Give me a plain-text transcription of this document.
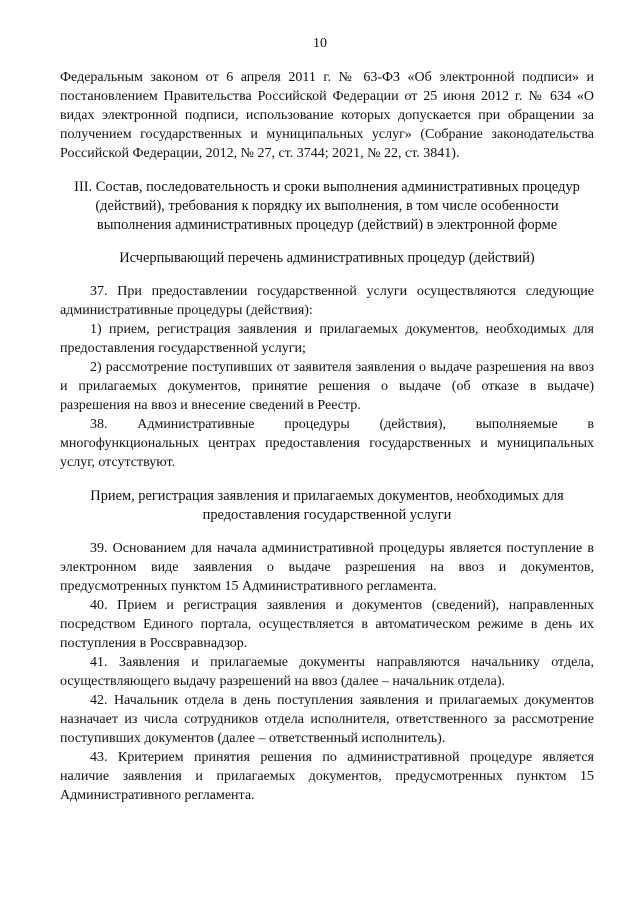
10

Федеральным законом от 6 апреля 2011 г. № 63-ФЗ «Об электронной подписи» и постановлением Правительства Российской Федерации от 25 июня 2012 г. № 634 «О видах электронной подписи, использование которых допускается при обращении за получением государственных и муниципальных услуг» (Собрание законодательства Российской Федерации, 2012, № 27, ст. 3744; 2021, № 22, ст. 3841).

III. Состав, последовательность и сроки выполнения административных процедур (действий), требования к порядку их выполнения, в том числе особенности выполнения административных процедур (действий) в электронной форме

Исчерпывающий перечень административных процедур (действий)

37. При предоставлении государственной услуги осуществляются следующие административные процедуры (действия):

1) прием, регистрация заявления и прилагаемых документов, необходимых для предоставления государственной услуги;

2) рассмотрение поступивших от заявителя заявления о выдаче разрешения на ввоз и прилагаемых документов, принятие решения о выдаче (об отказе в выдаче) разрешения на ввоз и внесение сведений в Реестр.

38. Административные процедуры (действия), выполняемые в многофункциональных центрах предоставления государственных и муниципальных услуг, отсутствуют.

Прием, регистрация заявления и прилагаемых документов, необходимых для предоставления государственной услуги

39. Основанием для начала административной процедуры является поступление в электронном виде заявления о выдаче разрешения на ввоз и документов, предусмотренных пунктом 15 Административного регламента.

40. Прием и регистрация заявления и документов (сведений), направленных посредством Единого портала, осуществляется в автоматическом режиме в день их поступления в Россвравнадзор.

41. Заявления и прилагаемые документы направляются начальнику отдела, осуществляющего выдачу разрешений на ввоз (далее – начальник отдела).

42. Начальник отдела в день поступления заявления и прилагаемых документов назначает из числа сотрудников отдела исполнителя, ответственного за рассмотрение поступивших документов (далее – ответственный исполнитель).

43. Критерием принятия решения по административной процедуре является наличие заявления и прилагаемых документов, предусмотренных пунктом 15 Административного регламента.
